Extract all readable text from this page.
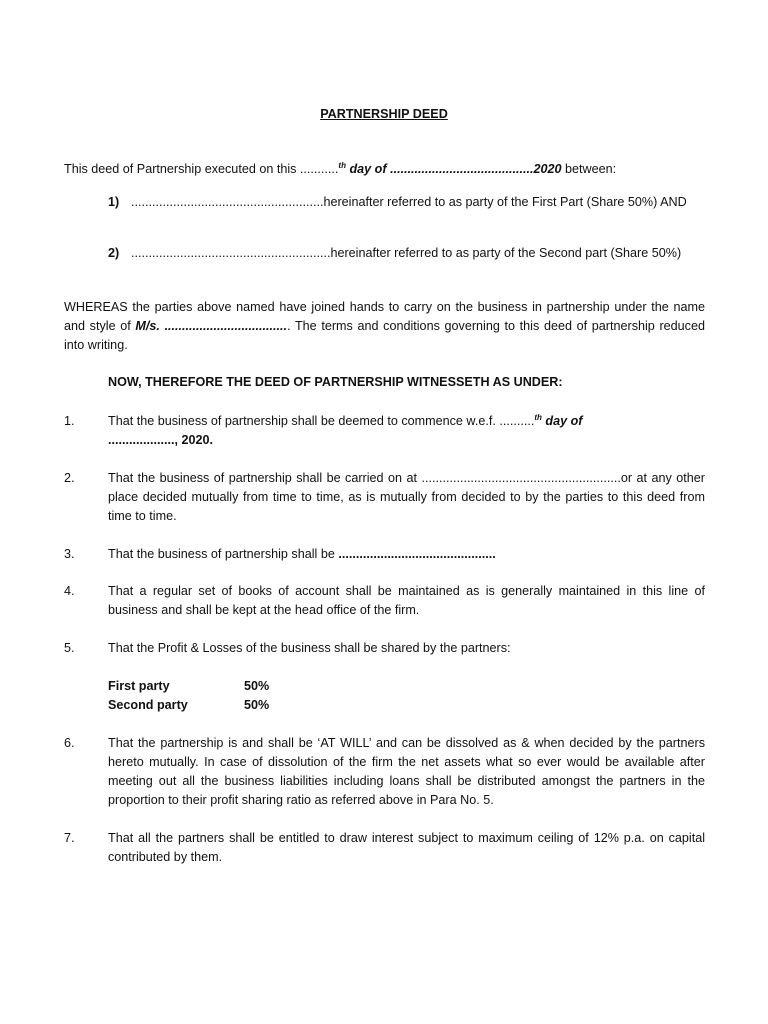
PARTNERSHIP DEED
This deed of Partnership executed on this ...........$^{th}$ day of .........................................2020 between:
1) .......................................................hereinafter referred to as party of the First Part (Share 50%) AND
2) .........................................................hereinafter referred to as party of the Second part (Share 50%)
WHEREAS the parties above named have joined hands to carry on the business in partnership under the name and style of M/s. .................................... The terms and conditions governing to this deed of partnership reduced into writing.
NOW, THEREFORE THE DEED OF PARTNERSHIP WITNESSETH AS UNDER:
1.	That the business of partnership shall be deemed to commence w.e.f. ..........$^{th}$ day of
..................., 2020.
2.	That the business of partnership shall be carried on at .........................................................or at any other place decided mutually from time to time, as is mutually from decided to by the parties to this deed from time to time.
3.	That the business of partnership shall be .............................................
4.	That a regular set of books of account shall be maintained as is generally maintained in this line of business and shall be kept at the head office of the firm.
5.	That the Profit & Losses of the business shall be shared by the partners:
First party	50%
Second party	50%
6.	That the partnership is and shall be ‘AT WILL’ and can be dissolved as & when decided by the partners hereto mutually. In case of dissolution of the firm the net assets what so ever would be available after meeting out all the business liabilities including loans shall be distributed amongst the partners in the proportion to their profit sharing ratio as referred above in Para No. 5.
7.	That all the partners shall be entitled to draw interest subject to maximum ceiling of 12% p.a. on capital contributed by them.
